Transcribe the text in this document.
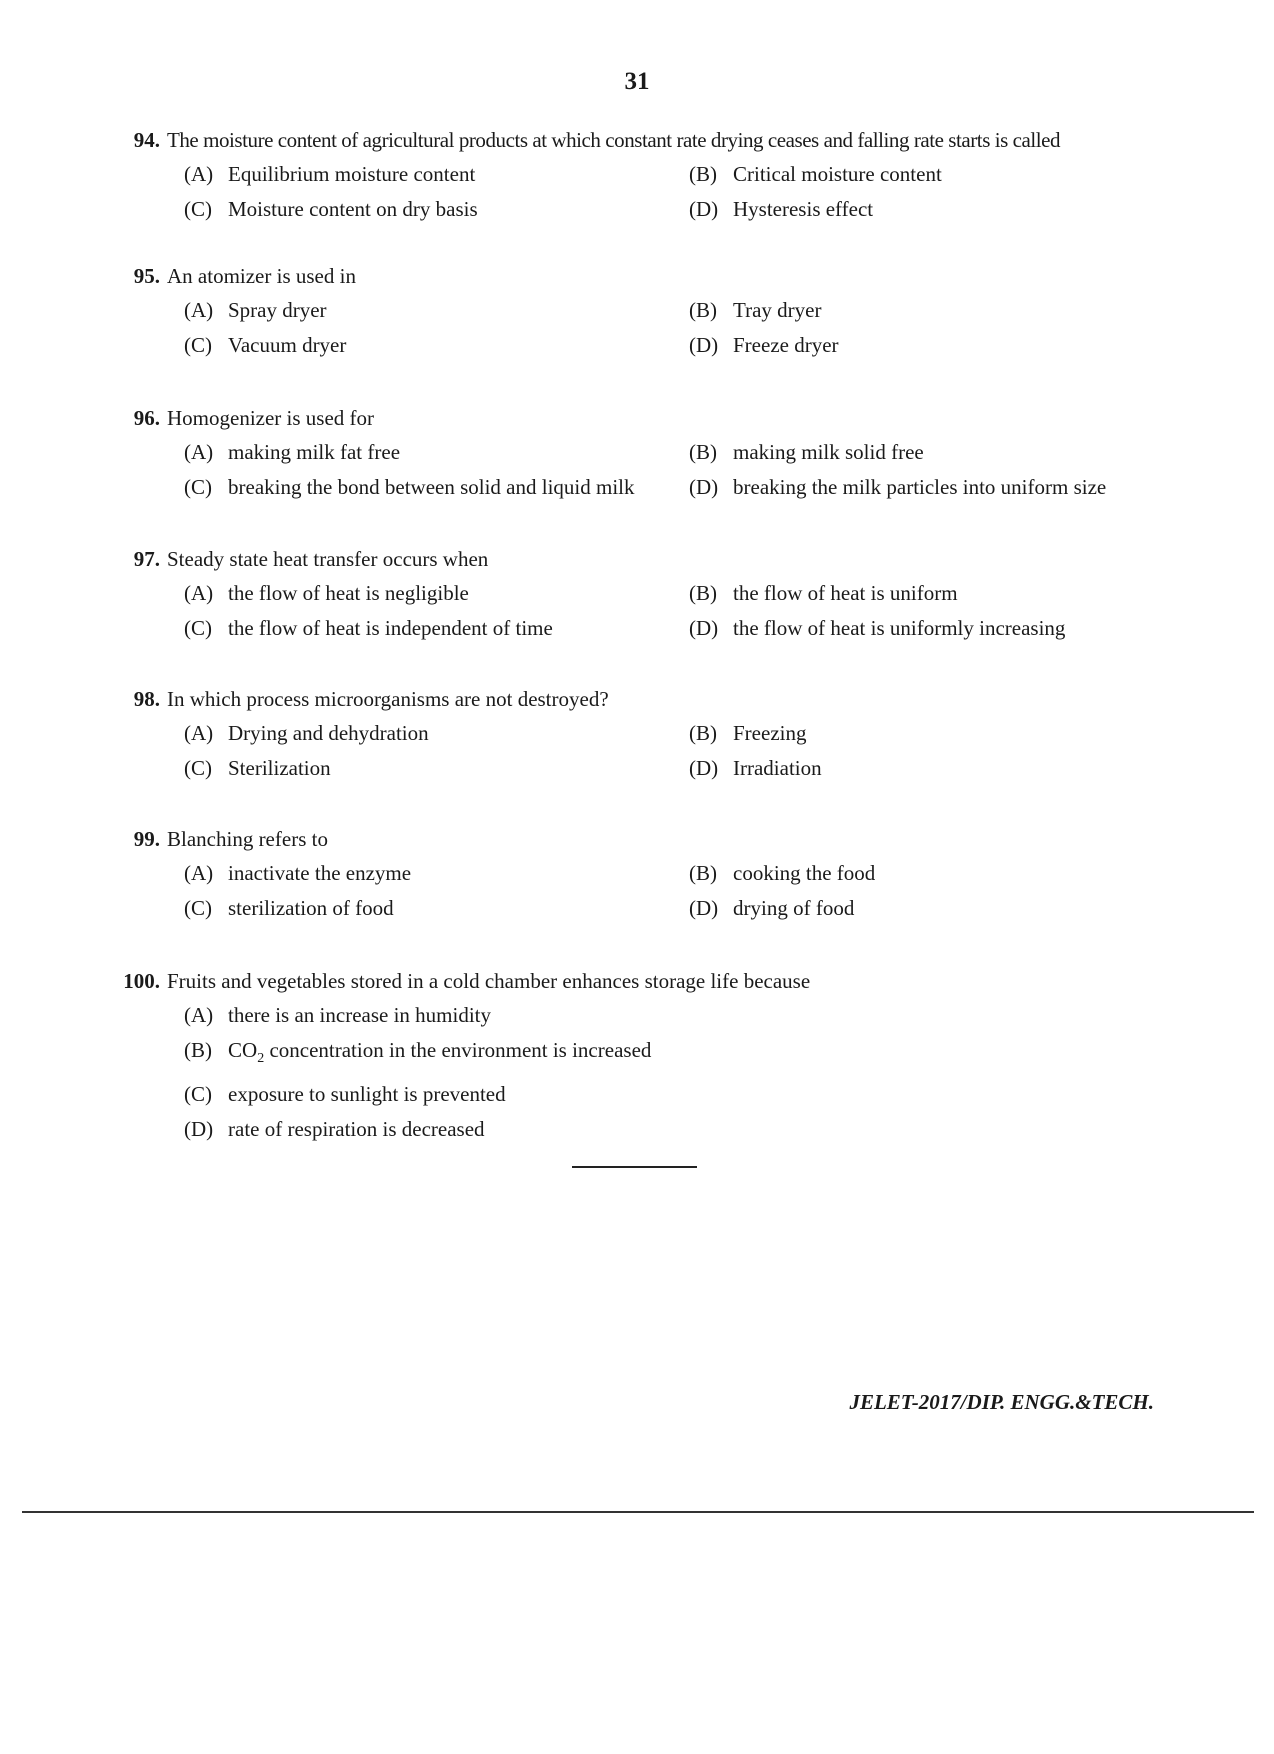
31
94. The moisture content of agricultural products at which constant rate drying ceases and falling rate starts is called
(A) Equilibrium moisture content	(B) Critical moisture content
(C) Moisture content on dry basis	(D) Hysteresis effect
95. An atomizer is used in
(A) Spray dryer	(B) Tray dryer
(C) Vacuum dryer	(D) Freeze dryer
96. Homogenizer is used for
(A) making milk fat free	(B) making milk solid free
(C) breaking the bond between solid and liquid milk	(D) breaking the milk particles into uniform size
97. Steady state heat transfer occurs when
(A) the flow of heat is negligible	(B) the flow of heat is uniform
(C) the flow of heat is independent of time	(D) the flow of heat is uniformly increasing
98. In which process microorganisms are not destroyed?
(A) Drying and dehydration	(B) Freezing
(C) Sterilization	(D) Irradiation
99. Blanching refers to
(A) inactivate the enzyme	(B) cooking the food
(C) sterilization of food	(D) drying of food
100. Fruits and vegetables stored in a cold chamber enhances storage life because
(A) there is an increase in humidity
(B) $CO_2$ concentration in the environment is increased
(C) exposure to sunlight is prevented
(D) rate of respiration is decreased
JELET-2017/DIP. ENGG.&TECH.
